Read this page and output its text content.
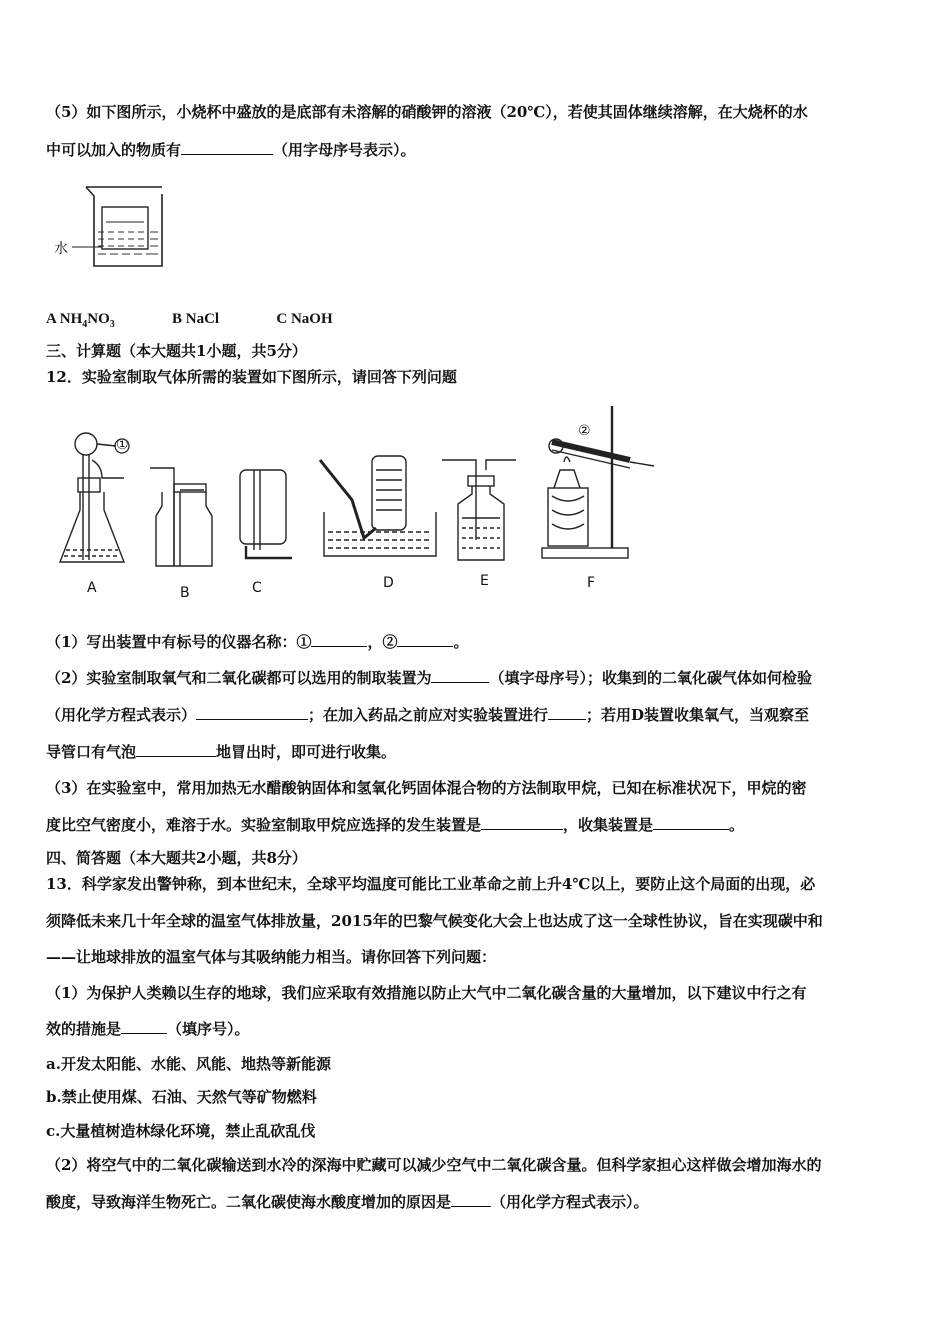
（5）如下图所示，小烧杯中盛放的是底部有未溶解的硝酸钾的溶液（20℃），若使其固体继续溶解，在大烧杯的水
中可以加入的物质有	（用字母序号表示）。
水
A $NH_4NO_3$	B NaCl	C NaOH
三、计算题（本大题共1小题，共5分）
12．实验室制取气体所需的装置如下图所示，请回答下列问题
A	B	C	D	E	F
①
②
（1）写出装置中有标号的仪器名称：①	，②	。
（2）实验室制取氧气和二氧化碳都可以选用的制取装置为	（填字母序号）；收集到的二氧化碳气体如何检验
（用化学方程式表示）	；在加入药品之前应对实验装置进行	；若用D装置收集氧气，当观察至
导管口有气泡	地冒出时，即可进行收集。
（3）在实验室中，常用加热无水醋酸钠固体和氢氧化钙固体混合物的方法制取甲烷，已知在标准状况下，甲烷的密
度比空气密度小，难溶于水。实验室制取甲烷应选择的发生装置是	，收集装置是	。
四、简答题（本大题共2小题，共8分）
13．科学家发出警钟称，到本世纪末，全球平均温度可能比工业革命之前上升4℃以上，要防止这个局面的出现，必
须降低未来几十年全球的温室气体排放量，2015年的巴黎气候变化大会上也达成了这一全球性协议，旨在实现碳中和
——让地球排放的温室气体与其吸纳能力相当。请你回答下列问题：
（1）为保护人类赖以生存的地球，我们应采取有效措施以防止大气中二氧化碳含量的大量增加，以下建议中行之有
效的措施是	（填序号）。
a.开发太阳能、水能、风能、地热等新能源
b.禁止使用煤、石油、天然气等矿物燃料
c.大量植树造林绿化环境，禁止乱砍乱伐
（2）将空气中的二氧化碳输送到水冷的深海中贮藏可以减少空气中二氧化碳含量。但科学家担心这样做会增加海水的
酸度，导致海洋生物死亡。二氧化碳使海水酸度增加的原因是	（用化学方程式表示）。
